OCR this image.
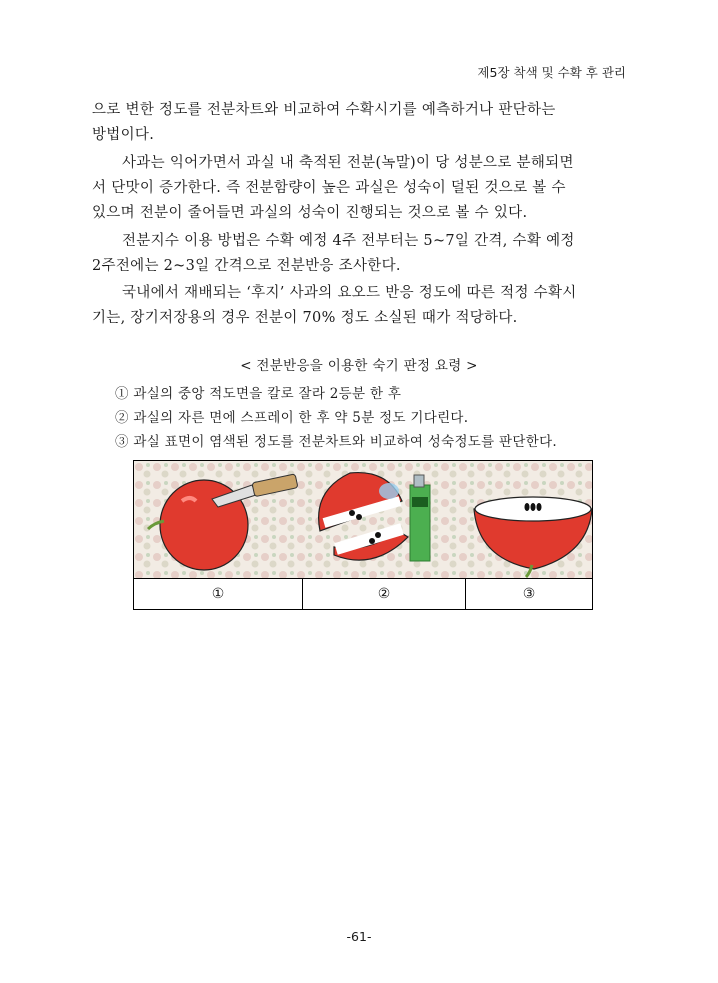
제5장 착색 및 수확 후 관리
으로 변한 정도를 전분차트와 비교하여 수확시기를 예측하거나 판단하는
방법이다.
사과는 익어가면서 과실 내 축적된 전분(녹말)이 당 성분으로 분해되면
서 단맛이 증가한다. 즉 전분함량이 높은 과실은 성숙이 덜된 것으로 볼 수
있으며 전분이 줄어들면 과실의 성숙이 진행되는 것으로 볼 수 있다.
전분지수 이용 방법은 수확 예정 4주 전부터는 5~7일 간격, 수확 예정
2주전에는 2~3일 간격으로 전분반응 조사한다.
국내에서 재배되는 ‘후지’ 사과의 요오드 반응 정도에 따른 적정 수확시
기는, 장기저장용의 경우 전분이 70% 정도 소실된 때가 적당하다.
< 전분반응을 이용한 숙기 판정 요령 >
① 과실의 중앙 적도면을 칼로 잘라 2등분 한 후
② 과실의 자른 면에 스프레이 한 후 약 5분 정도 기다린다.
③ 과실 표면이 염색된 정도를 전분차트와 비교하여 성숙정도를 판단한다.
①	②	③
-61-
